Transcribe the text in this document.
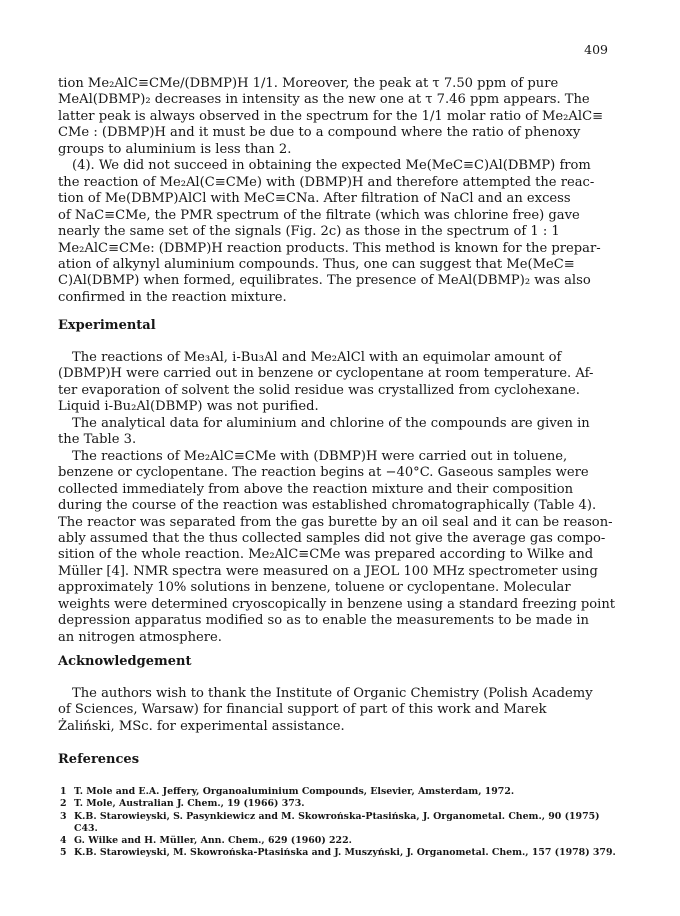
409
tion Me₂AlC≡CMe/(DBMP)H 1/1. Moreover, the peak at τ 7.50 ppm of pure
MeAl(DBMP)₂ decreases in intensity as the new one at τ 7.46 ppm appears. The
latter peak is always observed in the spectrum for the 1/1 molar ratio of Me₂AlC≡
CMe : (DBMP)H and it must be due to a compound where the ratio of phenoxy
groups to aluminium is less than 2.
(4). We did not succeed in obtaining the expected Me(MeC≡C)Al(DBMP) from
the reaction of Me₂Al(C≡CMe) with (DBMP)H and therefore attempted the reac-
tion of Me(DBMP)AlCl with MeC≡CNa. After filtration of NaCl and an excess
of NaC≡CMe, the PMR spectrum of the filtrate (which was chlorine free) gave
nearly the same set of the signals (Fig. 2c) as those in the spectrum of 1 : 1
Me₂AlC≡CMe: (DBMP)H reaction products. This method is known for the prepar-
ation of alkynyl aluminium compounds. Thus, one can suggest that Me(MeC≡
C)Al(DBMP) when formed, equilibrates. The presence of MeAl(DBMP)₂ was also
confirmed in the reaction mixture.
Experimental
The reactions of Me₃Al, i-Bu₃Al and Me₂AlCl with an equimolar amount of
(DBMP)H were carried out in benzene or cyclopentane at room temperature. Af-
ter evaporation of solvent the solid residue was crystallized from cyclohexane.
Liquid i-Bu₂Al(DBMP) was not purified.
The analytical data for aluminium and chlorine of the compounds are given in
the Table 3.
The reactions of Me₂AlC≡CMe with (DBMP)H were carried out in toluene,
benzene or cyclopentane. The reaction begins at −40°C. Gaseous samples were
collected immediately from above the reaction mixture and their composition
during the course of the reaction was established chromatographically (Table 4).
The reactor was separated from the gas burette by an oil seal and it can be reason-
ably assumed that the thus collected samples did not give the average gas compo-
sition of the whole reaction. Me₂AlC≡CMe was prepared according to Wilke and
Müller [4]. NMR spectra were measured on a JEOL 100 MHz spectrometer using
approximately 10% solutions in benzene, toluene or cyclopentane. Molecular
weights were determined cryoscopically in benzene using a standard freezing point
depression apparatus modified so as to enable the measurements to be made in
an nitrogen atmosphere.
Acknowledgement
The authors wish to thank the Institute of Organic Chemistry (Polish Academy
of Sciences, Warsaw) for financial support of part of this work and Marek
Żaliński, MSc. for experimental assistance.
References
1 T. Mole and E.A. Jeffery, Organoaluminium Compounds, Elsevier, Amsterdam, 1972.
2 T. Mole, Australian J. Chem., 19 (1966) 373.
3 K.B. Starowieyski, S. Pasynkiewicz and M. Skowrońska-Ptasińska, J. Organometal. Chem., 90 (1975)
C43.
4 G. Wilke and H. Müller, Ann. Chem., 629 (1960) 222.
5 K.B. Starowieyski, M. Skowrońska-Ptasińska and J. Muszyński, J. Organometal. Chem., 157 (1978) 379.
